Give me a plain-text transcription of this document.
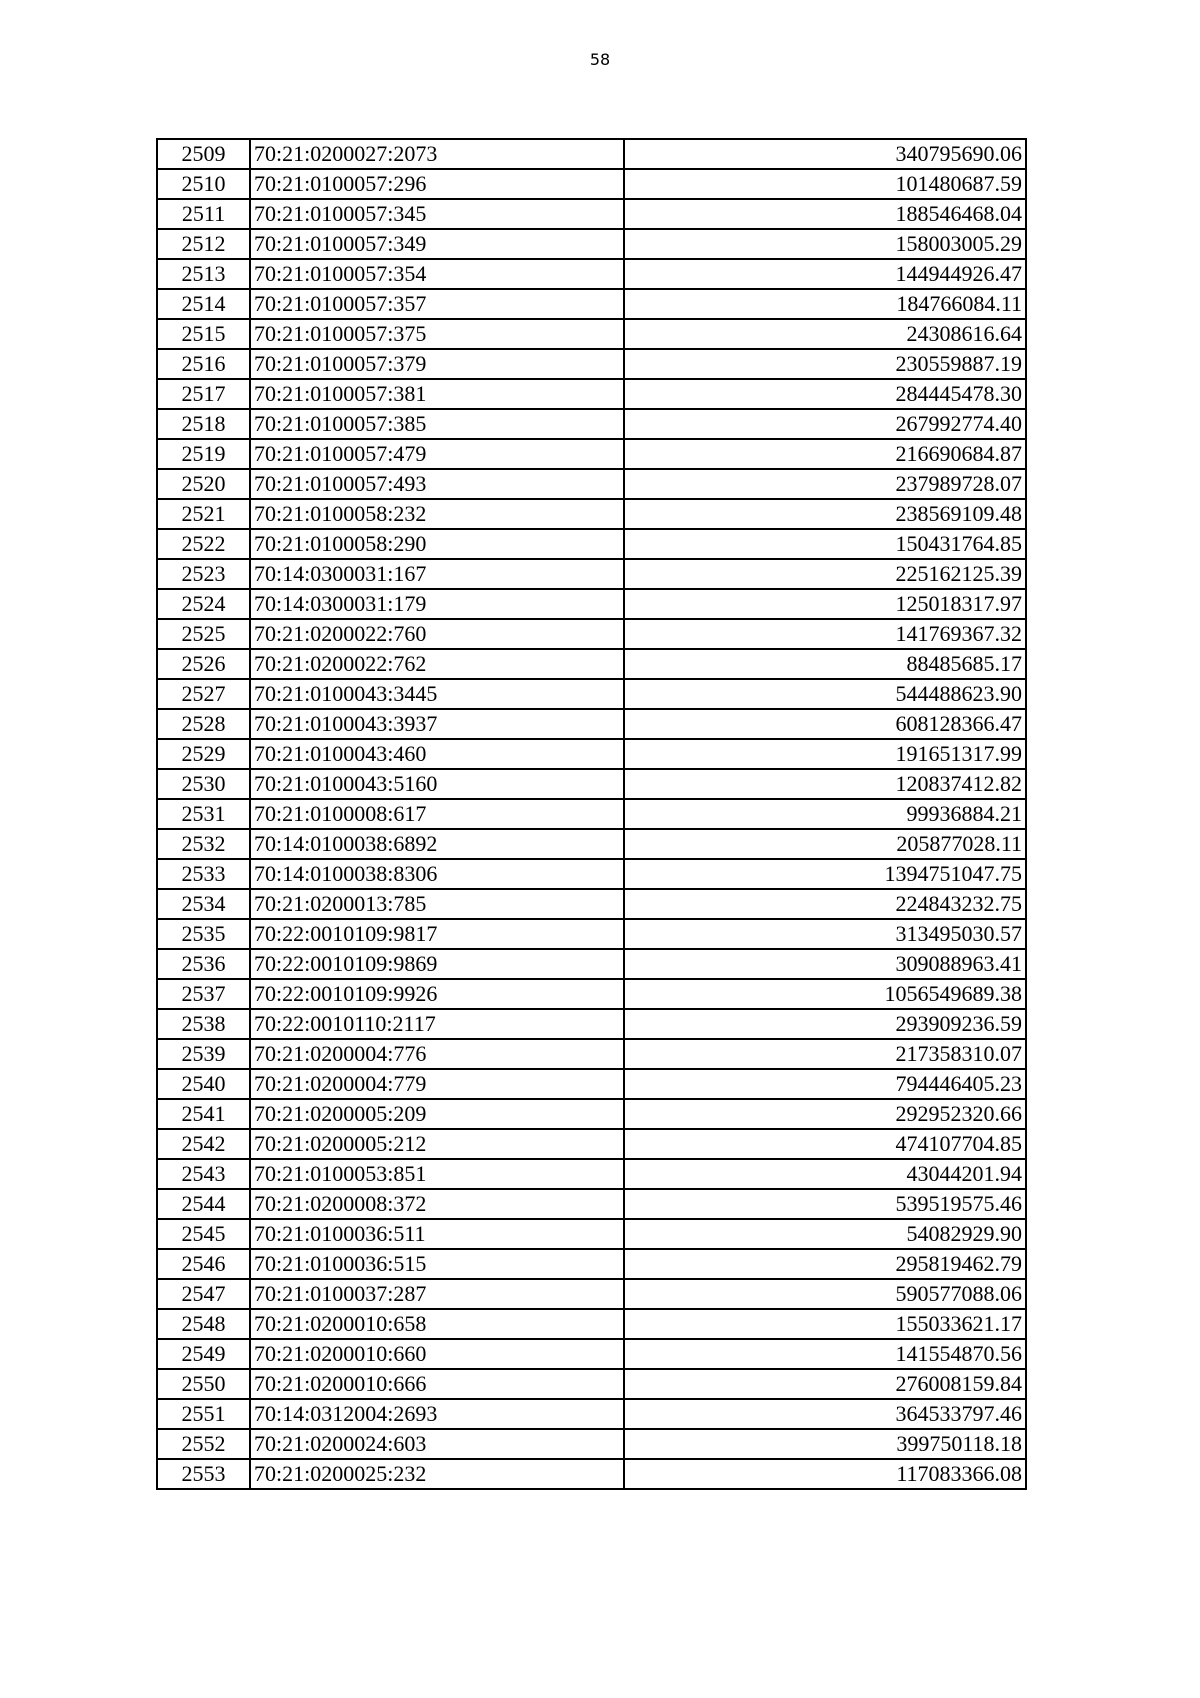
58
2509	70:21:0200027:2073	340795690.06
2510	70:21:0100057:296	101480687.59
2511	70:21:0100057:345	188546468.04
2512	70:21:0100057:349	158003005.29
2513	70:21:0100057:354	144944926.47
2514	70:21:0100057:357	184766084.11
2515	70:21:0100057:375	24308616.64
2516	70:21:0100057:379	230559887.19
2517	70:21:0100057:381	284445478.30
2518	70:21:0100057:385	267992774.40
2519	70:21:0100057:479	216690684.87
2520	70:21:0100057:493	237989728.07
2521	70:21:0100058:232	238569109.48
2522	70:21:0100058:290	150431764.85
2523	70:14:0300031:167	225162125.39
2524	70:14:0300031:179	125018317.97
2525	70:21:0200022:760	141769367.32
2526	70:21:0200022:762	88485685.17
2527	70:21:0100043:3445	544488623.90
2528	70:21:0100043:3937	608128366.47
2529	70:21:0100043:460	191651317.99
2530	70:21:0100043:5160	120837412.82
2531	70:21:0100008:617	99936884.21
2532	70:14:0100038:6892	205877028.11
2533	70:14:0100038:8306	1394751047.75
2534	70:21:0200013:785	224843232.75
2535	70:22:0010109:9817	313495030.57
2536	70:22:0010109:9869	309088963.41
2537	70:22:0010109:9926	1056549689.38
2538	70:22:0010110:2117	293909236.59
2539	70:21:0200004:776	217358310.07
2540	70:21:0200004:779	794446405.23
2541	70:21:0200005:209	292952320.66
2542	70:21:0200005:212	474107704.85
2543	70:21:0100053:851	43044201.94
2544	70:21:0200008:372	539519575.46
2545	70:21:0100036:511	54082929.90
2546	70:21:0100036:515	295819462.79
2547	70:21:0100037:287	590577088.06
2548	70:21:0200010:658	155033621.17
2549	70:21:0200010:660	141554870.56
2550	70:21:0200010:666	276008159.84
2551	70:14:0312004:2693	364533797.46
2552	70:21:0200024:603	399750118.18
2553	70:21:0200025:232	117083366.08
